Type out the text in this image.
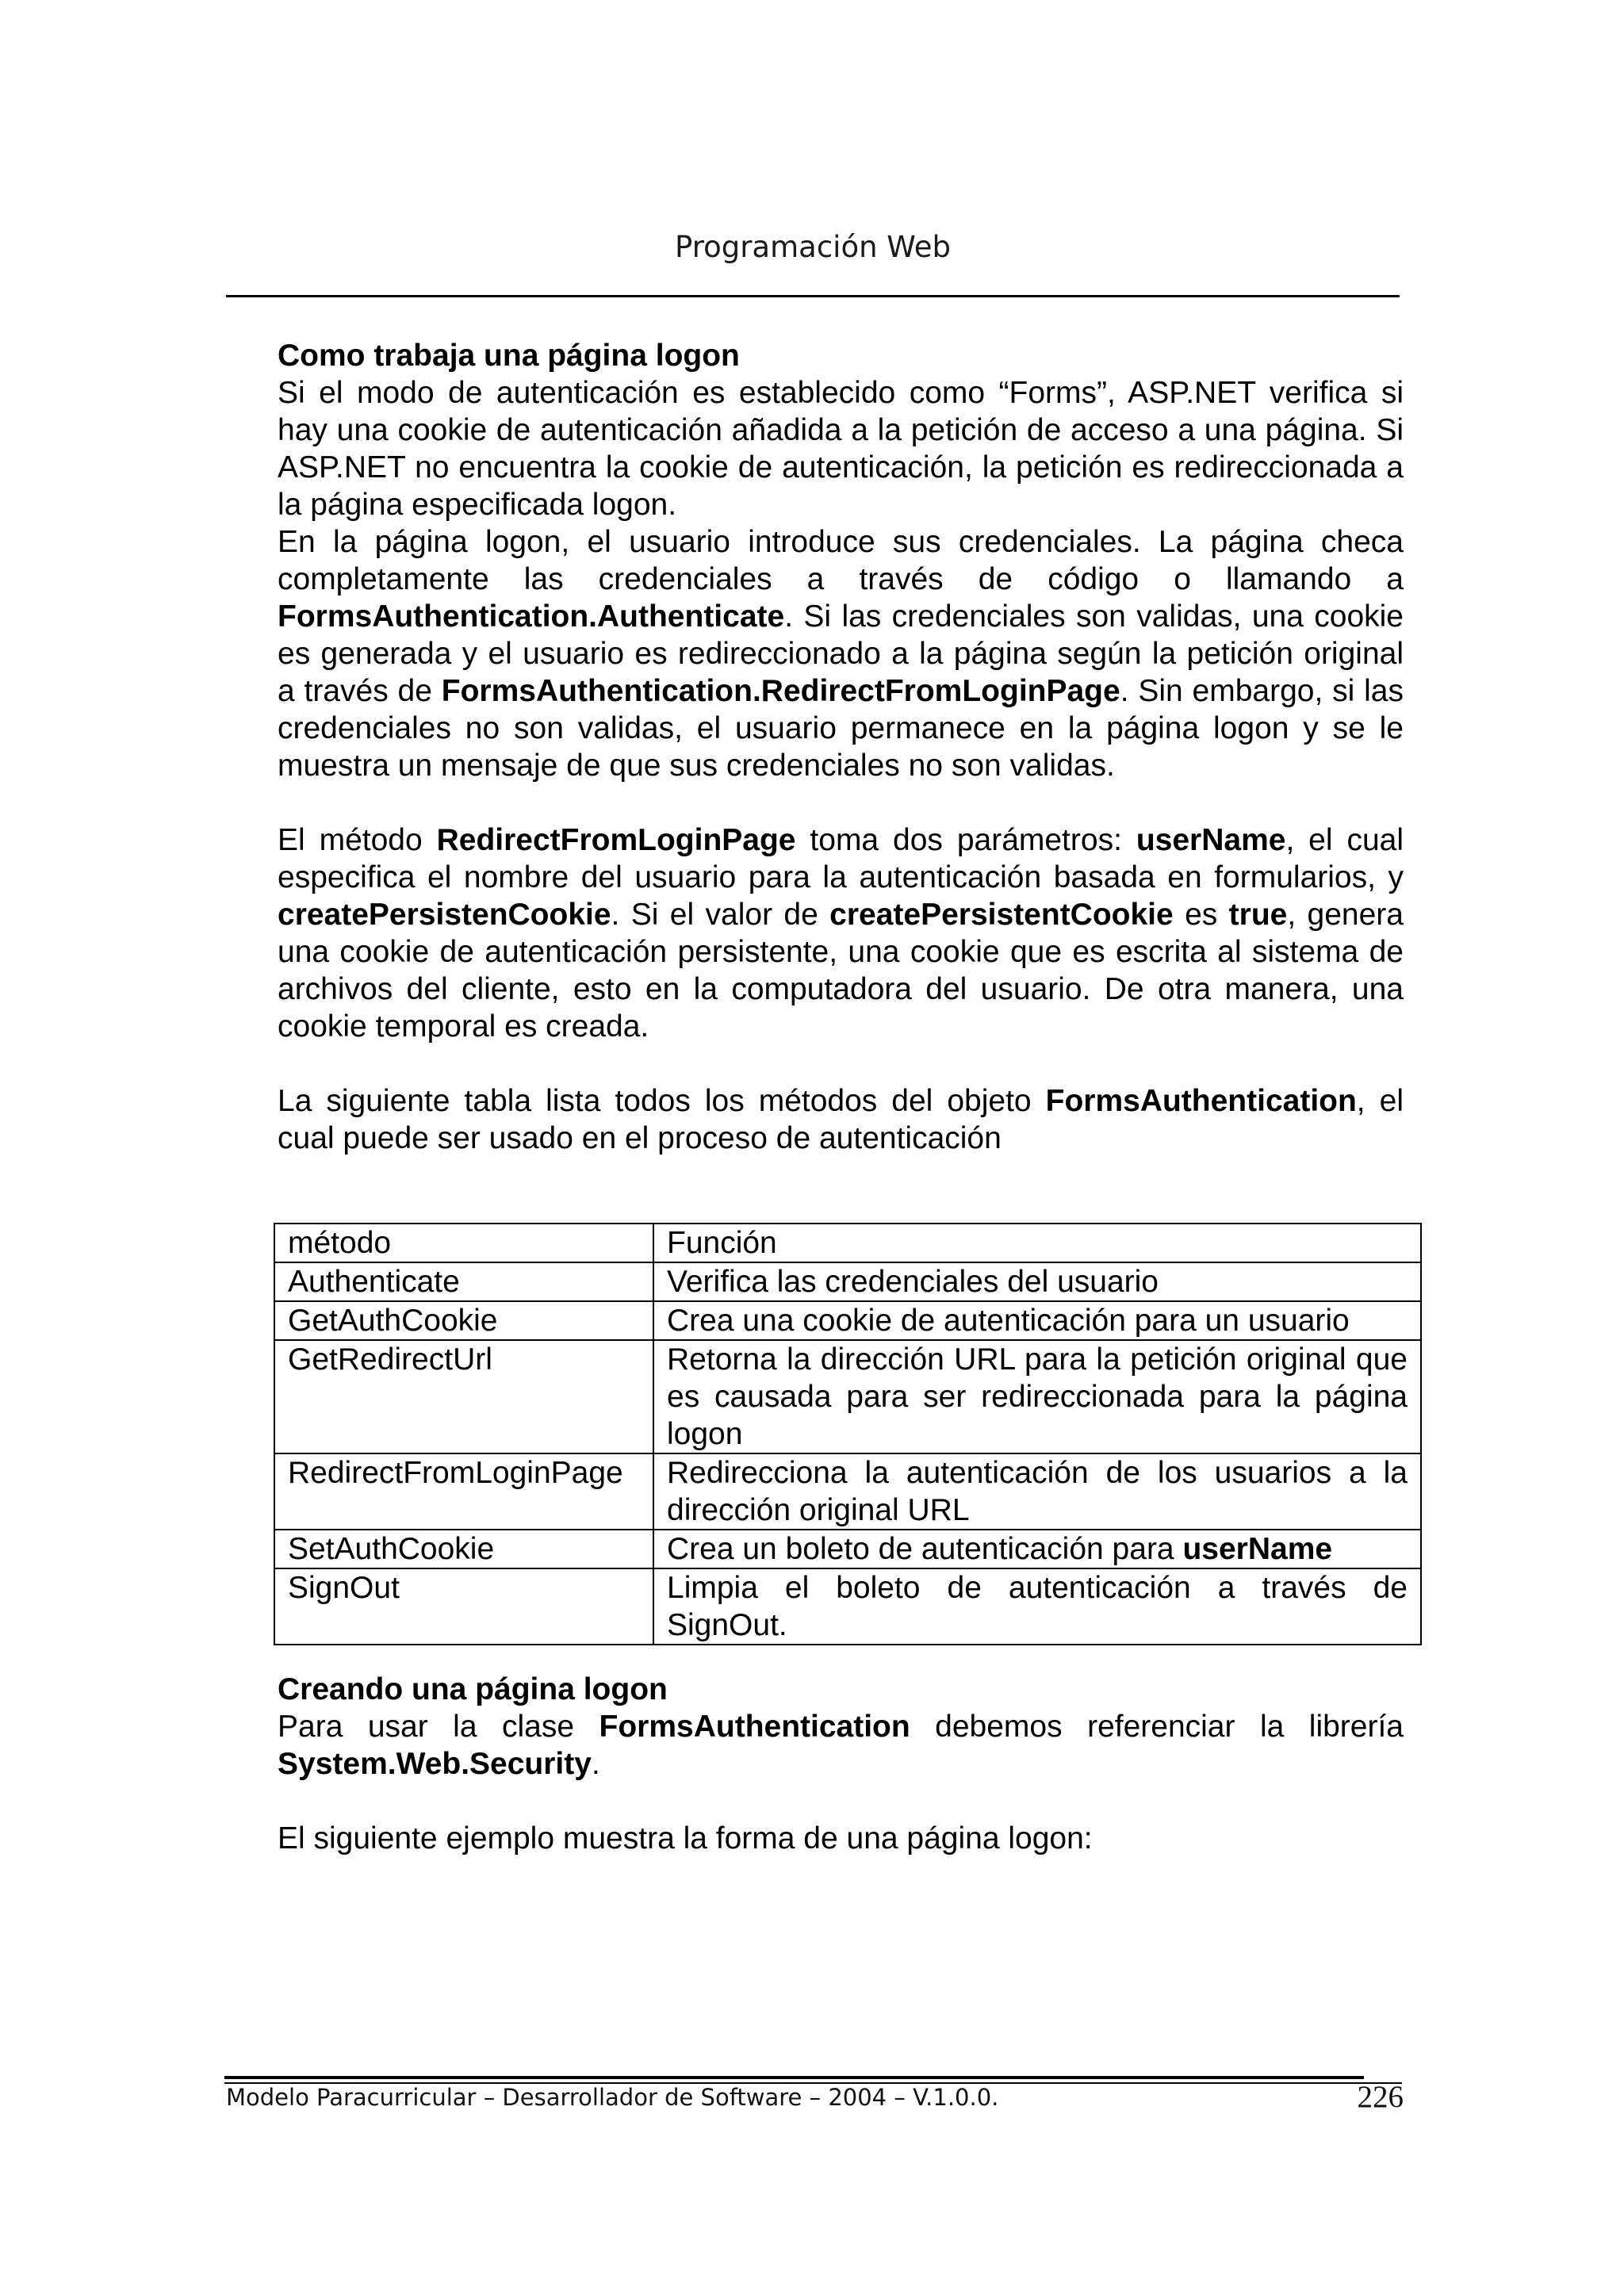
Programación Web

Como trabaja una página logon

Si el modo de autenticación es establecido como “Forms”, ASP.NET verifica si hay una cookie de autenticación añadida a la petición de acceso a una página. Si ASP.NET no encuentra la cookie de autenticación, la petición es redireccionada a la página especificada logon.

En la página logon, el usuario introduce sus credenciales. La página checa completamente las credenciales a través de código o llamando a FormsAuthentication.Authenticate. Si las credenciales son validas, una cookie es generada y el usuario es redireccionado a la página según la petición original a través de FormsAuthentication.RedirectFromLoginPage. Sin embargo, si las credenciales no son validas, el usuario permanece en la página logon y se le muestra un mensaje de que sus credenciales no son validas.

El método RedirectFromLoginPage toma dos parámetros: userName, el cual especifica el nombre del usuario para la autenticación basada en formularios, y createPersistenCookie. Si el valor de createPersistentCookie es true, genera una cookie de autenticación persistente, una cookie que es escrita al sistema de archivos del cliente, esto en la computadora del usuario. De otra manera, una cookie temporal es creada.

La siguiente tabla lista todos los métodos del objeto FormsAuthentication, el cual puede ser usado en el proceso de autenticación

método	Función
Authenticate	Verifica las credenciales del usuario
GetAuthCookie	Crea una cookie de autenticación para un usuario
GetRedirectUrl	Retorna la dirección URL para la petición original que es causada para ser redireccionada para la página logon
RedirectFromLoginPage	Redirecciona la autenticación de los usuarios a la dirección original URL
SetAuthCookie	Crea un boleto de autenticación para userName
SignOut	Limpia el boleto de autenticación a través de SignOut.

Creando una página logon

Para usar la clase FormsAuthentication debemos referenciar la librería System.Web.Security.

El siguiente ejemplo muestra la forma de una página logon:

Modelo Paracurricular – Desarrollador de Software – 2004 – V.1.0.0.	226
